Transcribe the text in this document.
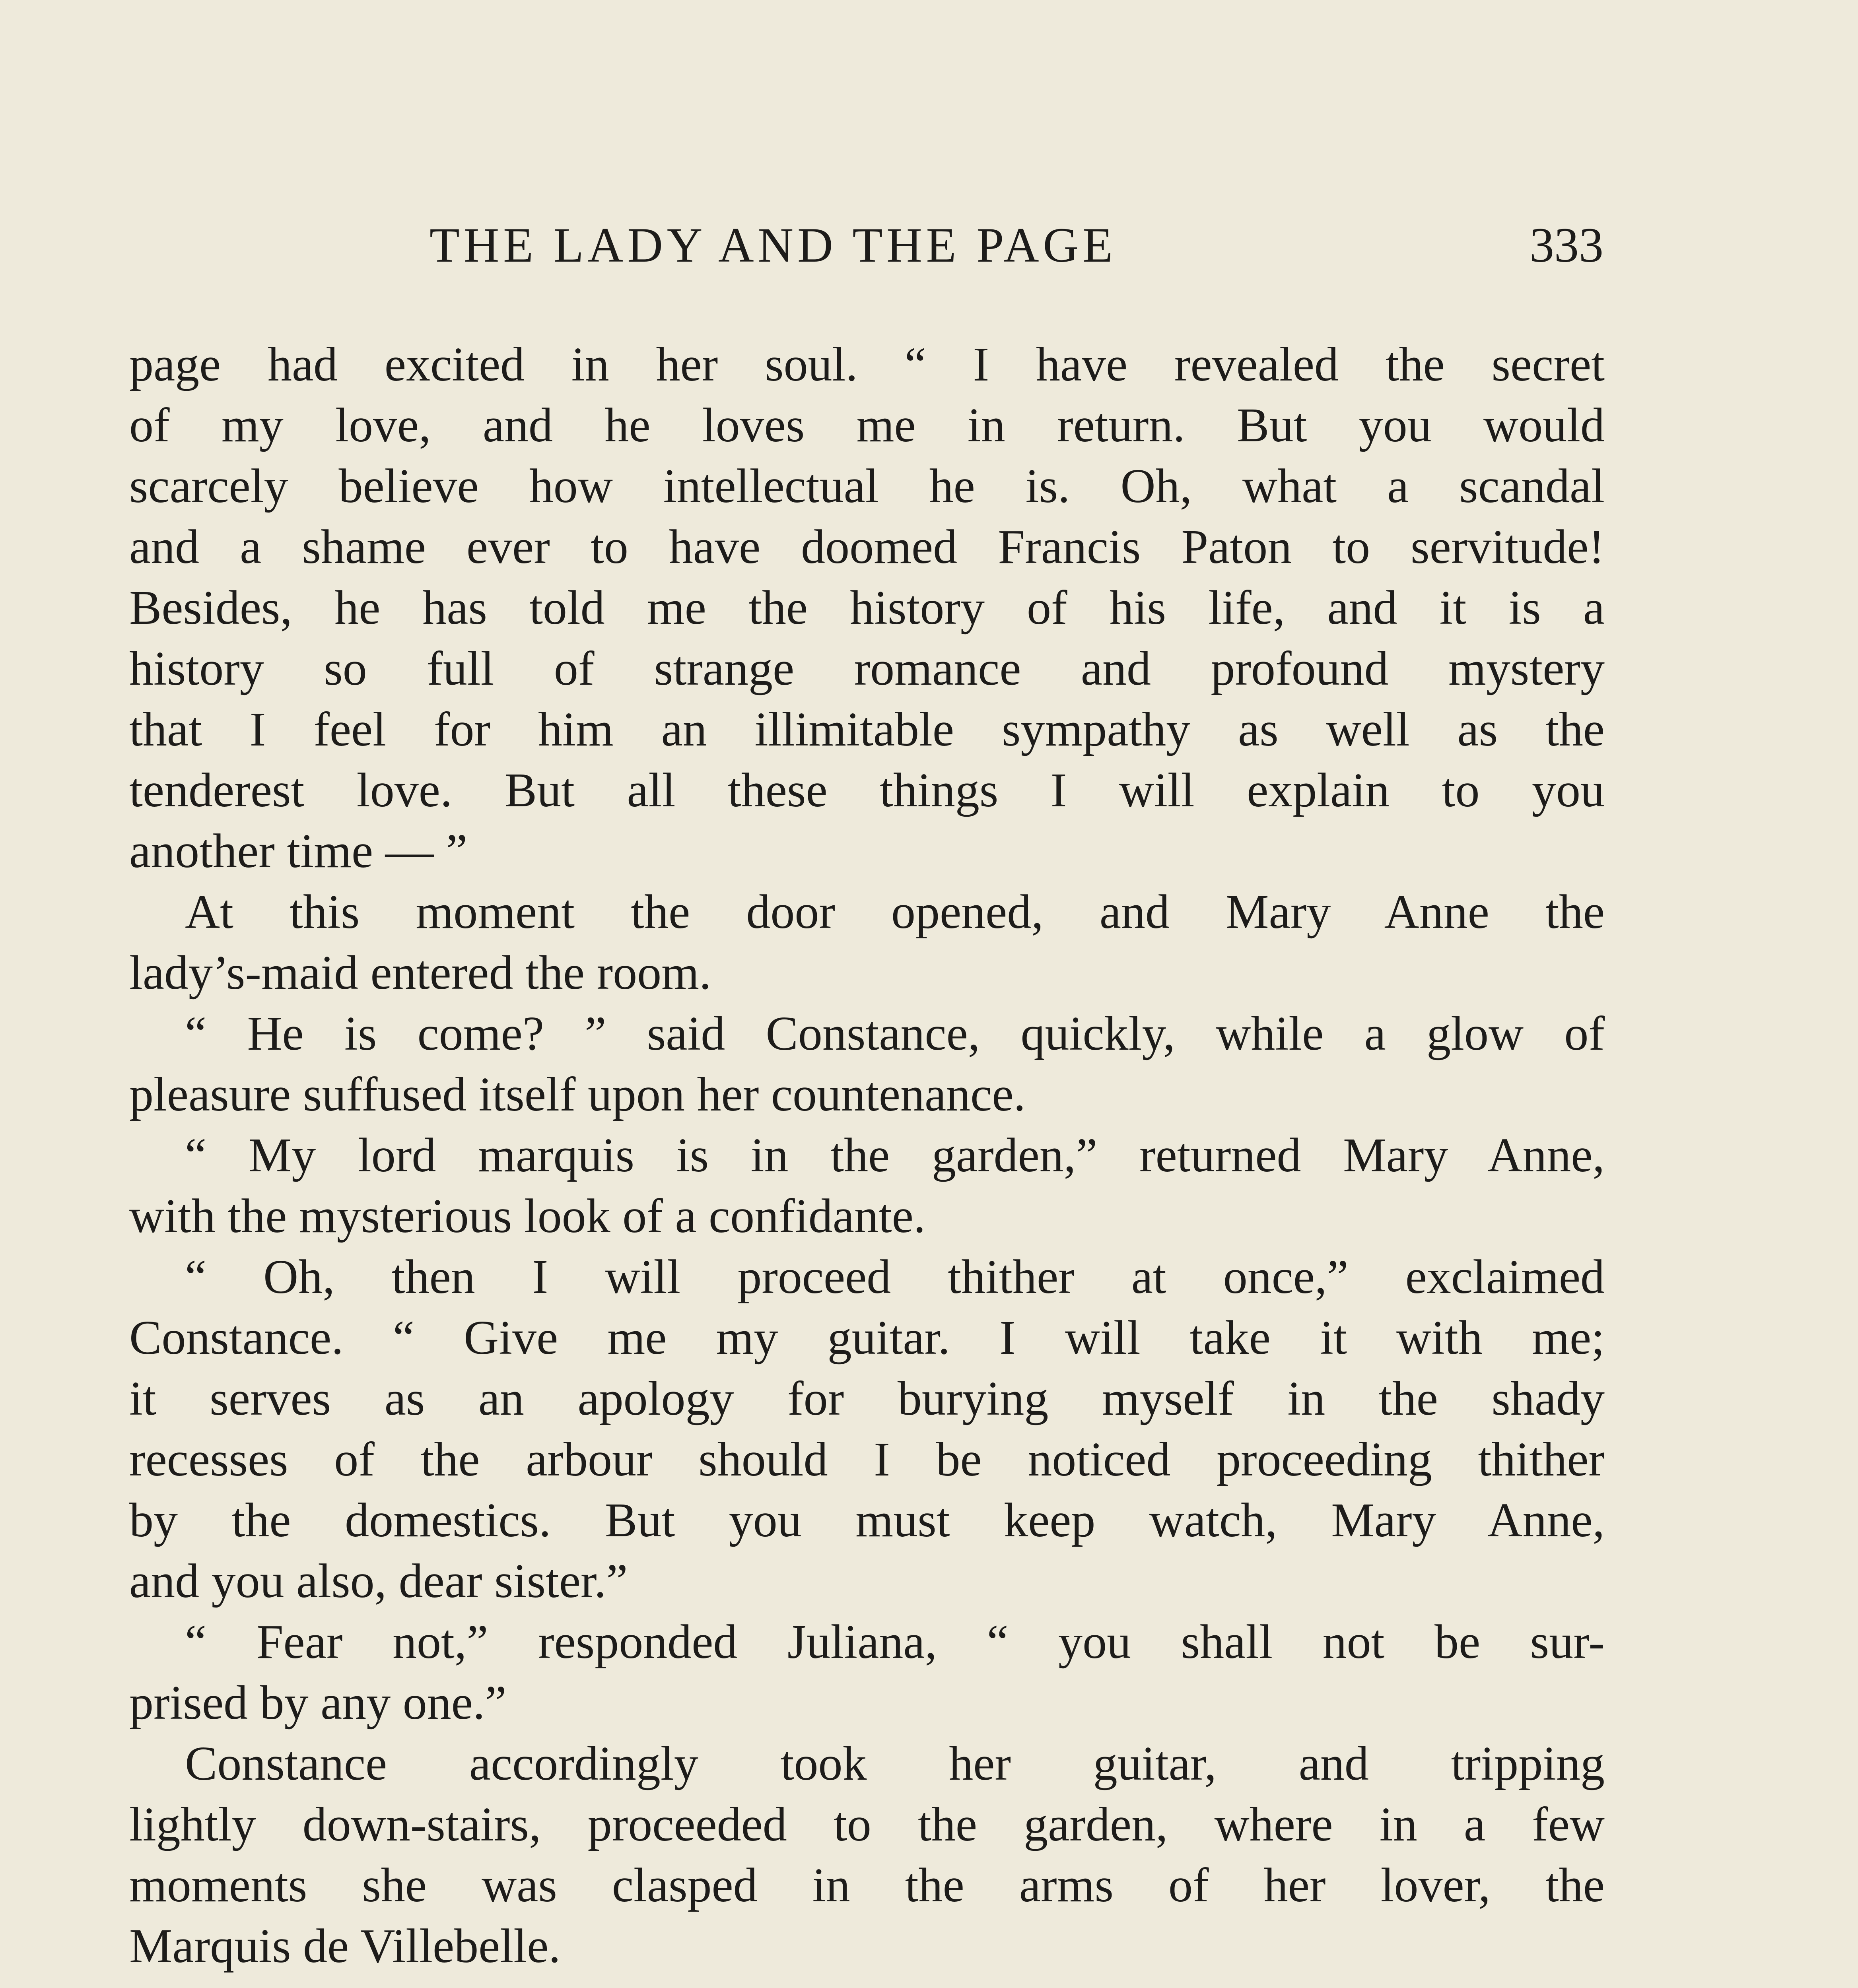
THE LADY AND THE PAGE	333
page had excited in her soul. “ I have revealed the secret
of my love, and he loves me in return. But you would
scarcely believe how intellectual he is. Oh, what a scandal
and a shame ever to have doomed Francis Paton to servitude!
Besides, he has told me the history of his life, and it is a
history so full of strange romance and profound mystery
that I feel for him an illimitable sympathy as well as the
tenderest love. But all these things I will explain to you
another time — ”
At this moment the door opened, and Mary Anne the
lady’s-maid entered the room.
“ He is come? ” said Constance, quickly, while a glow of
pleasure suffused itself upon her countenance.
“ My lord marquis is in the garden,” returned Mary Anne,
with the mysterious look of a confidante.
“ Oh, then I will proceed thither at once,” exclaimed
Constance. “ Give me my guitar. I will take it with me;
it serves as an apology for burying myself in the shady
recesses of the arbour should I be noticed proceeding thither
by the domestics. But you must keep watch, Mary Anne,
and you also, dear sister.”
“ Fear not,” responded Juliana, “ you shall not be sur-
prised by any one.”
Constance accordingly took her guitar, and tripping
lightly down-stairs, proceeded to the garden, where in a few
moments she was clasped in the arms of her lover, the
Marquis de Villebelle.
